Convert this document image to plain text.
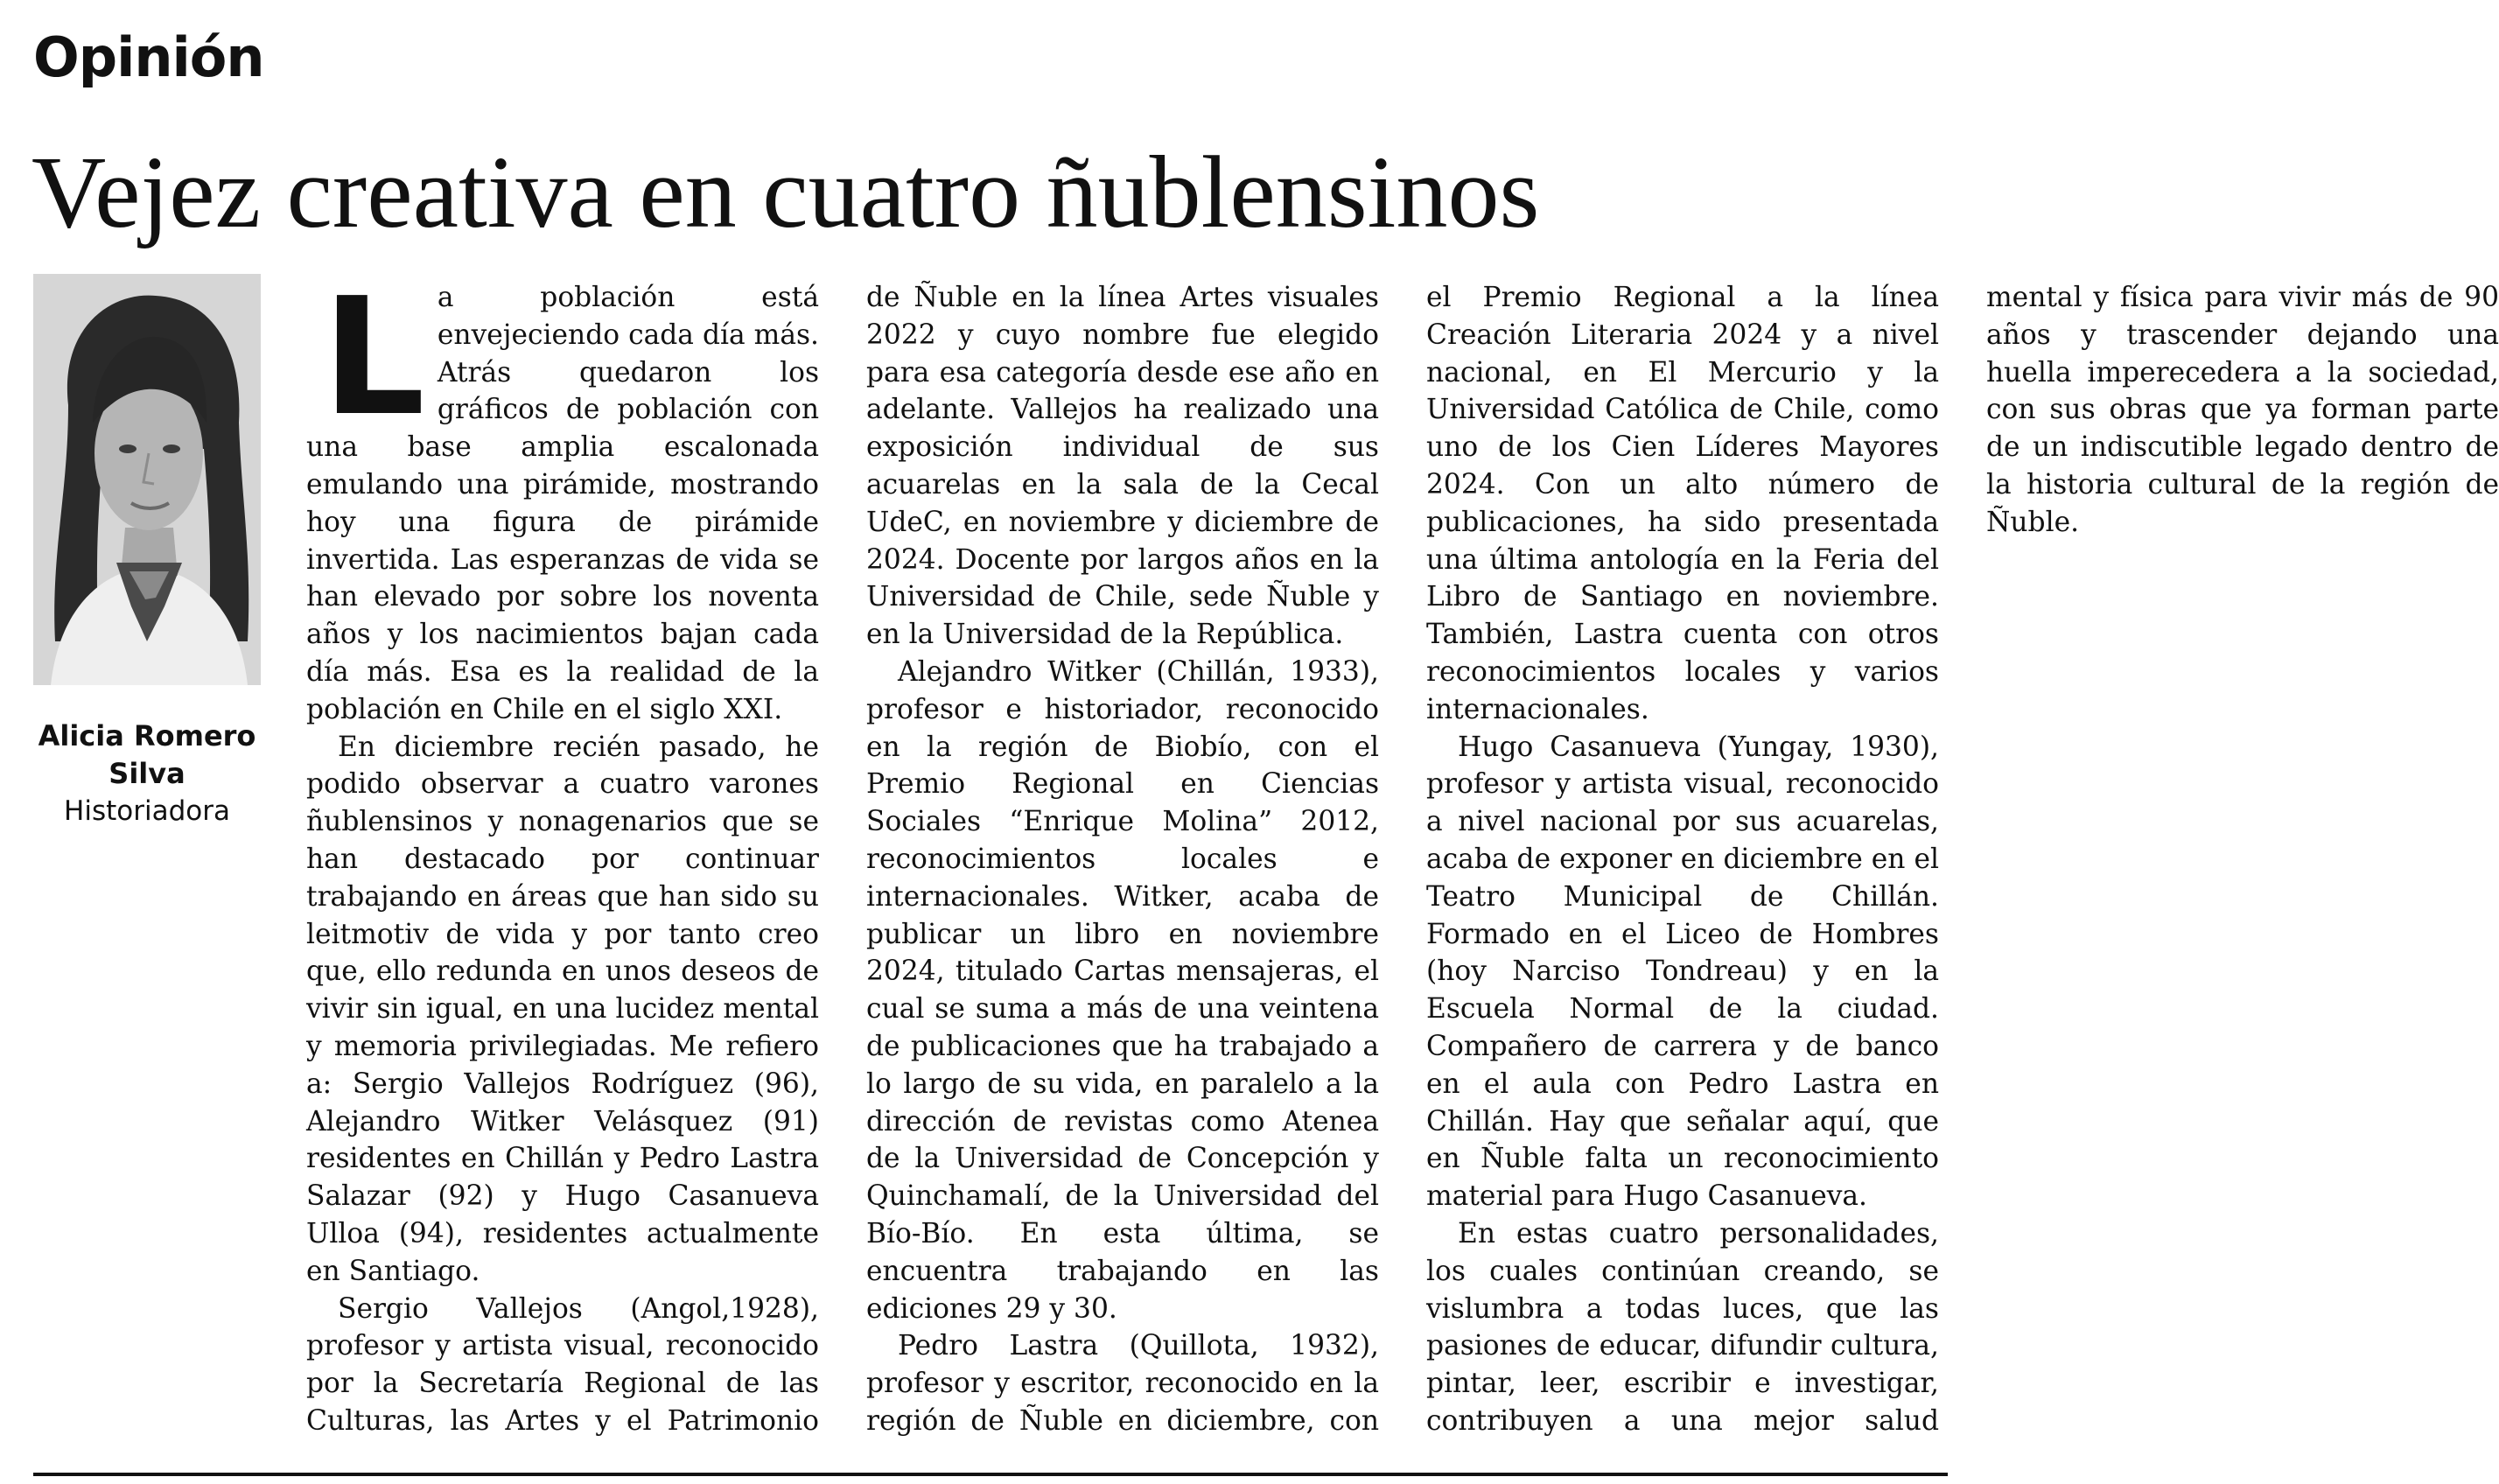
Opinión
Vejez creativa en cuatro ñublensinos
Alicia Romero Silva
Historiadora

La población está envejeciendo cada día más. Atrás quedaron los gráficos de población con una base amplia escalonada emulando una pirámide, mostrando hoy una figura de pirámide invertida. Las esperanzas de vida se han elevado por sobre los noventa años y los nacimientos bajan cada día más. Esa es la realidad de la población en Chile en el siglo XXI.

En diciembre recién pasado, he podido observar a cuatro varones ñublensinos y nonagenarios que se han destacado por continuar trabajando en áreas que han sido su leitmotiv de vida y por tanto creo que, ello redunda en unos deseos de vivir sin igual, en una lucidez mental y memoria privilegiadas. Me refiero a: Sergio Vallejos Rodríguez (96), Alejandro Witker Velásquez (91) residentes en Chillán y Pedro Lastra Salazar (92) y Hugo Casanueva Ulloa (94), residentes actualmente en Santiago.

Sergio Vallejos (Angol,1928), profesor y artista visual, reconocido por la Secretaría Regional de las Culturas, las Artes y el Patrimonio de Ñuble en la línea Artes visuales 2022 y cuyo nombre fue elegido para esa categoría desde ese año en adelante. Vallejos ha realizado una exposición individual de sus acuarelas en la sala de la Cecal UdeC, en noviembre y diciembre de 2024. Docente por largos años en la Universidad de Chile, sede Ñuble y en la Universidad de la República.

Alejandro Witker (Chillán, 1933), profesor e historiador, reconocido en la región de Biobío, con el Premio Regional en Ciencias Sociales “Enrique Molina” 2012, reconocimientos locales e internacionales. Witker, acaba de publicar un libro en noviembre 2024, titulado Cartas mensajeras, el cual se suma a más de una veintena de publicaciones que ha trabajado a lo largo de su vida, en paralelo a la dirección de revistas como Atenea de la Universidad de Concepción y Quinchamalí, de la Universidad del Bío-Bío. En esta última, se encuentra trabajando en las ediciones 29 y 30.

Pedro Lastra (Quillota, 1932), profesor y escritor, reconocido en la región de Ñuble en diciembre, con el Premio Regional a la línea Creación Literaria 2024 y a nivel nacional, en El Mercurio y la Universidad Católica de Chile, como uno de los Cien Líderes Mayores 2024. Con un alto número de publicaciones, ha sido presentada una última antología en la Feria del Libro de Santiago en noviembre. También, Lastra cuenta con otros reconocimientos locales y varios internacionales.

Hugo Casanueva (Yungay, 1930), profesor y artista visual, reconocido a nivel nacional por sus acuarelas, acaba de exponer en diciembre en el Teatro Municipal de Chillán. Formado en el Liceo de Hombres (hoy Narciso Tondreau) y en la Escuela Normal de la ciudad. Compañero de carrera y de banco en el aula con Pedro Lastra en Chillán. Hay que señalar aquí, que en Ñuble falta un reconocimiento material para Hugo Casanueva.

En estas cuatro personalidades, los cuales continúan creando, se vislumbra a todas luces, que las pasiones de educar, difundir cultura, pintar, leer, escribir e investigar, contribuyen a una mejor salud mental y física para vivir más de 90 años y trascender dejando una huella imperecedera a la sociedad, con sus obras que ya forman parte de un indiscutible legado dentro de la historia cultural de la región de Ñuble.
